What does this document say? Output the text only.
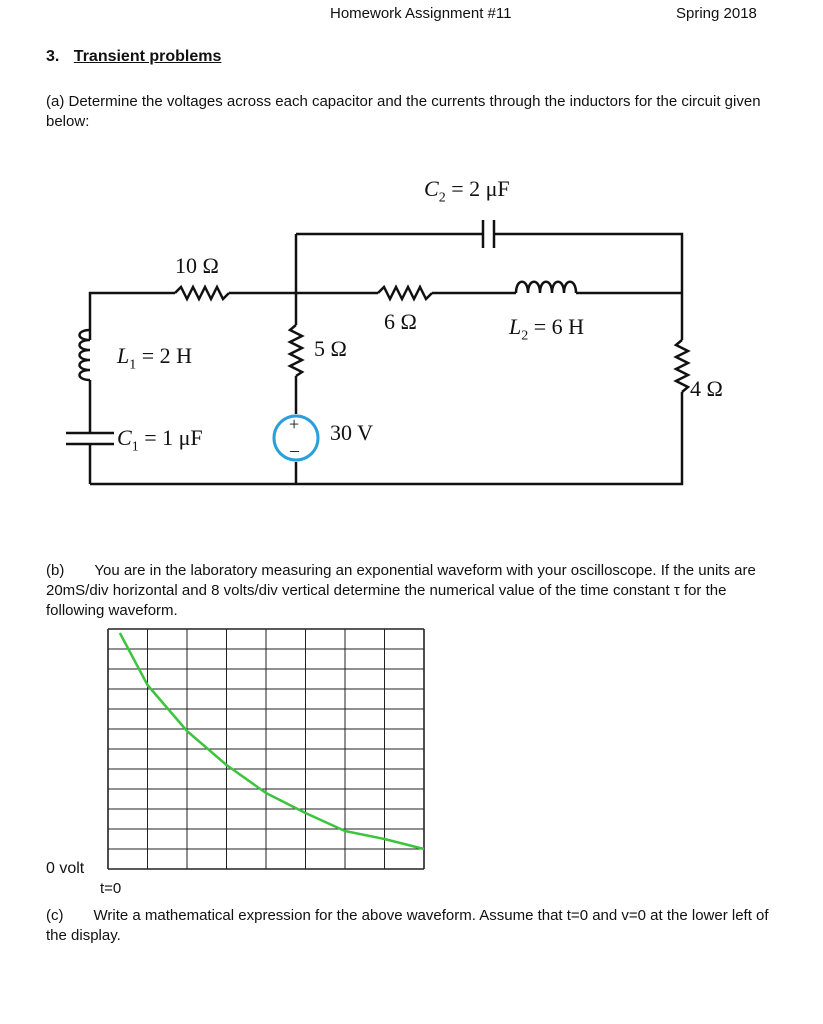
Homework Assignment #11	Spring 2018
3. Transient problems
(a) Determine the voltages across each capacitor and the currents through the inductors for the circuit given below:
+
–
$C_2 = 2$ μF
10 Ω
6 Ω	$L_2 = 6$ H
$L_1 = 2$ H	5 Ω
4 Ω
$C_1 = 1$ μF	30 V
(b) You are in the laboratory measuring an exponential waveform with your oscilloscope. If the units are 20mS/div horizontal and 8 volts/div vertical determine the numerical value of the time constant τ for the following waveform.
0 volt
t=0
(c) Write a mathematical expression for the above waveform. Assume that t=0 and v=0 at the lower left of the display.
